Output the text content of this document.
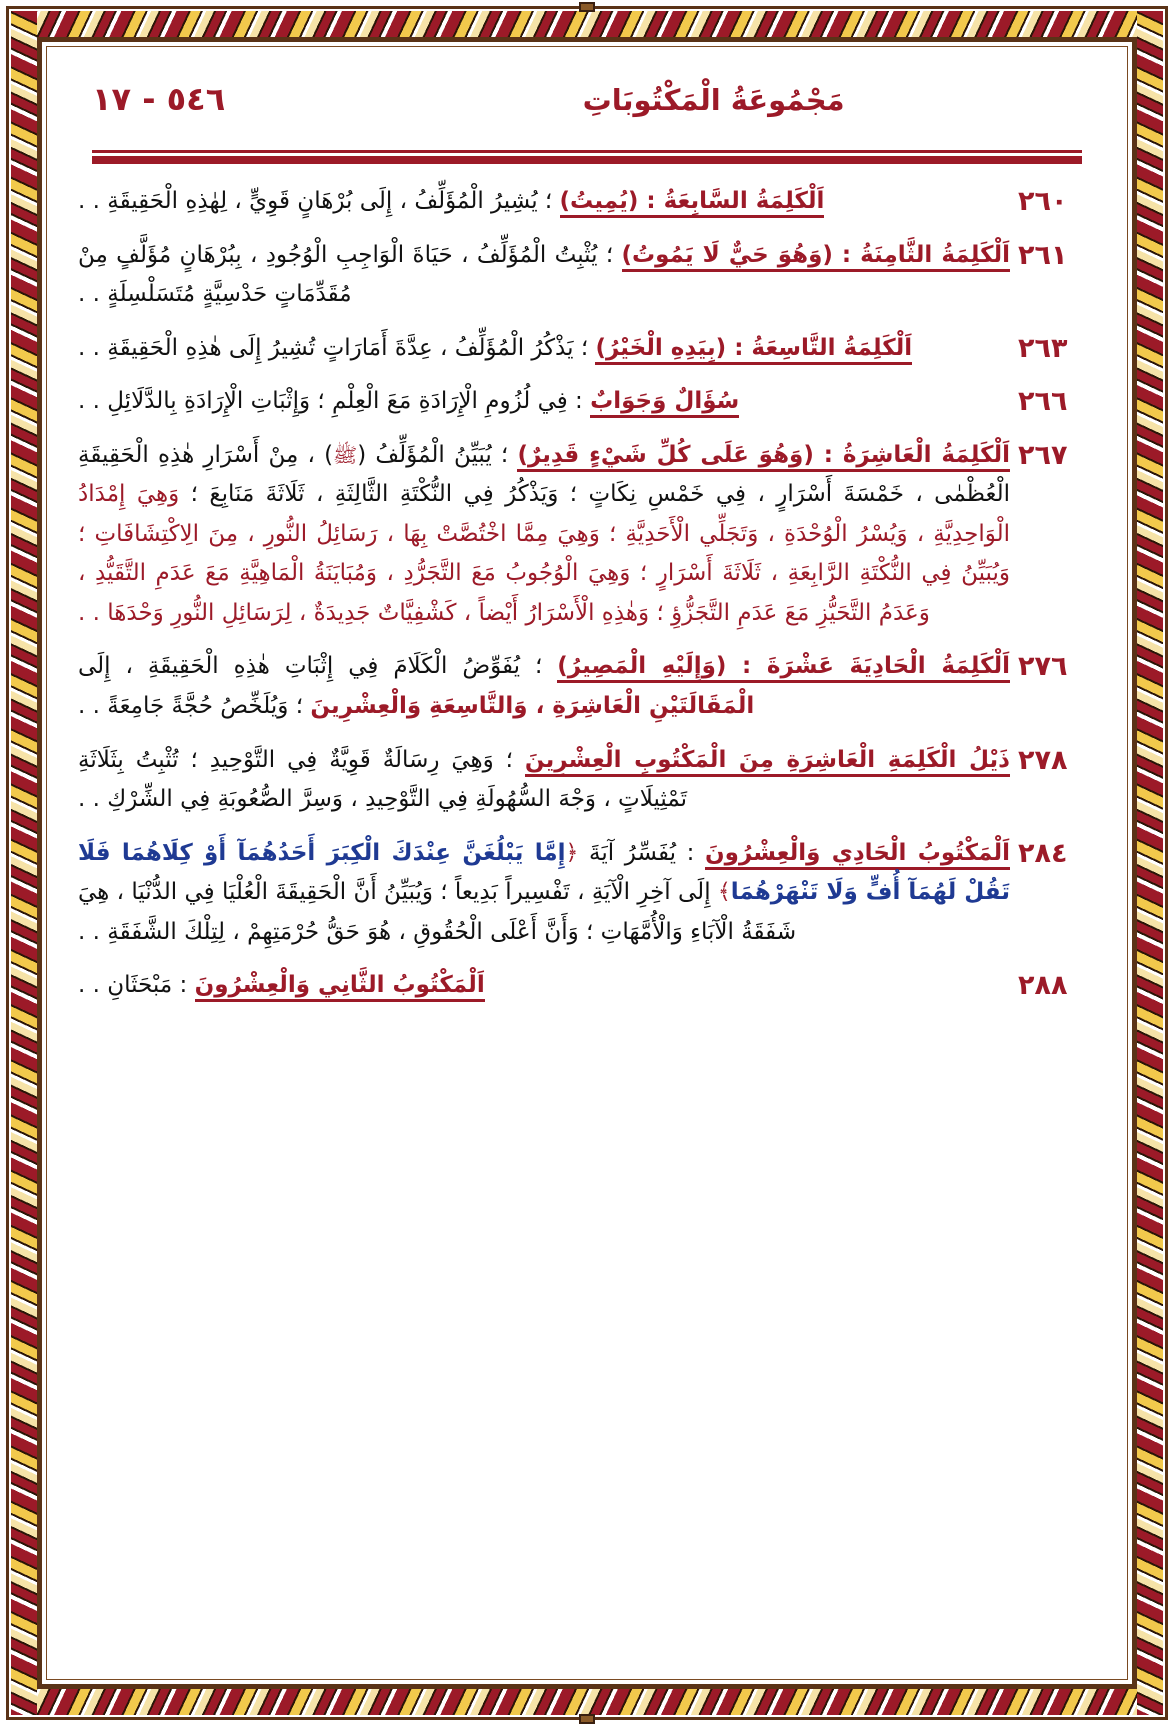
٥٤٦ - ١٧	مَجْمُوعَةُ الْمَكْتُوبَاتِ
٢٦٠
اَلْكَلِمَةُ السَّابِعَةُ : (يُمِيتُ) ؛ يُشِيرُ الْمُؤَلِّفُ ، إِلَى بُرْهَانٍ قَوِيٍّ ، لِهٰذِهِ الْحَقِيقَةِ . .
٢٦١
اَلْكَلِمَةُ الثَّامِنَةُ : (وَهُوَ حَيٌّ لَا يَمُوتُ) ؛ يُثْبِتُ الْمُؤَلِّفُ ، حَيَاةَ الْوَاجِبِ الْوُجُودِ ، بِبُرْهَانٍ مُؤَلَّفٍ مِنْ مُقَدِّمَاتٍ حَدْسِيَّةٍ مُتَسَلْسِلَةٍ . .
٢٦٣
اَلْكَلِمَةُ التَّاسِعَةُ : (بِيَدِهِ الْخَيْرُ) ؛ يَذْكُرُ الْمُؤَلِّفُ ، عِدَّةَ أَمَارَاتٍ تُشِيرُ إِلَى هٰذِهِ الْحَقِيقَةِ . .
٢٦٦
سُؤَالٌ وَجَوَابٌ : فِي لُزُومِ الْإِرَادَةِ مَعَ الْعِلْمِ ؛ وَإِثْبَاتِ الْإِرَادَةِ بِالدَّلَائِلِ . .
٢٦٧
اَلْكَلِمَةُ الْعَاشِرَةُ : (وَهُوَ عَلَى كُلِّ شَيْءٍ قَدِيرٌ) ؛ يُبَيِّنُ الْمُؤَلِّفُ (ﷺ) ، مِنْ أَسْرَارِ هٰذِهِ الْحَقِيقَةِ الْعُظْمٰى ، خَمْسَةَ أَسْرَارٍ ، فِي خَمْسِ نِكَاتٍ ؛ وَيَذْكُرُ فِي النُّكْتَةِ الثَّالِثَةِ ، ثَلَاثَةَ مَنَابِعَ ؛ وَهِيَ إِمْدَادُ الْوَاحِدِيَّةِ ، وَيُسْرُ الْوُحْدَةِ ، وَتَجَلِّي الْأَحَدِيَّةِ ؛ وَهِيَ مِمَّا اخْتُصَّتْ بِهَا ، رَسَائِلُ النُّورِ ، مِنَ الِاكْتِشَافَاتِ ؛ وَيُبَيِّنُ فِي النُّكْتَةِ الرَّابِعَةِ ، ثَلَاثَةَ أَسْرَارٍ ؛ وَهِيَ الْوُجُوبُ مَعَ التَّجَرُّدِ ، وَمُبَايَنَةُ الْمَاهِيَّةِ مَعَ عَدَمِ التَّقَيُّدِ ، وَعَدَمُ التَّحَيُّزِ مَعَ عَدَمِ التَّجَزُّؤِ ؛ وَهٰذِهِ الْأَسْرَارُ أَيْضاً ، كَشْفِيَّاتٌ جَدِيدَةٌ ، لِرَسَائِلِ النُّورِ وَحْدَهَا . .
٢٧٦
اَلْكَلِمَةُ الْحَادِيَةَ عَشْرَةَ : (وَإِلَيْهِ الْمَصِيرُ) ؛ يُفَوِّضُ الْكَلَامَ فِي إِثْبَاتِ هٰذِهِ الْحَقِيقَةِ ، إِلَى الْمَقَالَتَيْنِ الْعَاشِرَةِ ، وَالتَّاسِعَةِ وَالْعِشْرِينَ ؛ وَيُلَخِّصُ حُجَّةً جَامِعَةً . .
٢٧٨
ذَيْلُ الْكَلِمَةِ الْعَاشِرَةِ مِنَ الْمَكْتُوبِ الْعِشْرِينَ ؛ وَهِيَ رِسَالَةٌ قَوِيَّةٌ فِي التَّوْحِيدِ ؛ تُثْبِتُ بِثَلَاثَةِ تَمْثِيلَاتٍ ، وَجْهَ السُّهُولَةِ فِي التَّوْحِيدِ ، وَسِرَّ الصُّعُوبَةِ فِي الشِّرْكِ . .
٢٨٤
اَلْمَكْتُوبُ الْحَادِي وَالْعِشْرُونَ : يُفَسِّرُ آيَةَ ﴿إِمَّا يَبْلُغَنَّ عِنْدَكَ الْكِبَرَ أَحَدُهُمَآ أَوْ كِلَاهُمَا فَلَا تَقُلْ لَهُمَآ أُفٍّ وَلَا تَنْهَرْهُمَا﴾ إِلَى آخِرِ الْآيَةِ ، تَفْسِيراً بَدِيعاً ؛ وَيُبَيِّنُ أَنَّ الْحَقِيقَةَ الْعُلْيَا فِي الدُّنْيَا ، هِيَ شَفَقَةُ الْآبَاءِ وَالْأُمَّهَاتِ ؛ وَأَنَّ أَعْلَى الْحُقُوقِ ، هُوَ حَقُّ حُرْمَتِهِمْ ، لِتِلْكَ الشَّفَقَةِ . .
٢٨٨
اَلْمَكْتُوبُ الثَّانِي وَالْعِشْرُونَ : مَبْحَثَانِ . .
